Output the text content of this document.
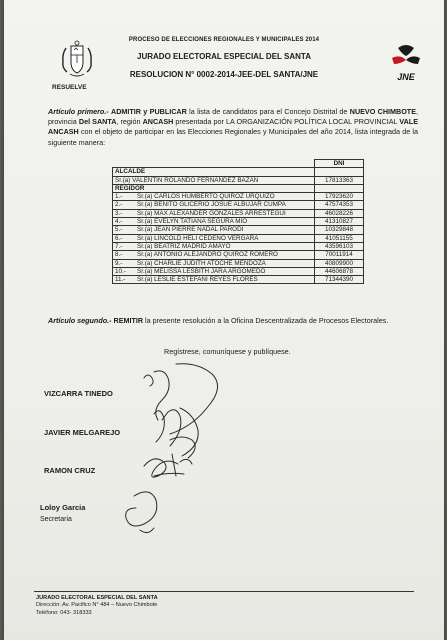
PROCESO DE ELECCIONES REGIONALES Y MUNICIPALES 2014
JURADO ELECTORAL ESPECIAL DEL SANTA
RESOLUCION N° 0002-2014-JEE-DEL SANTA/JNE	JNE
RESUELVE
Artículo primero.- ADMITIR y PUBLICAR la lista de candidatos para el Concejo Distrital de NUEVO CHIMBOTE, provincia Del SANTA, región ANCASH presentada por LA ORGANIZACIÓN POLÍTICA LOCAL PROVINCIAL VALE ANCASH con el objeto de participar en las Elecciones Regionales y Municipales del año 2014, lista integrada de la siguiente manera:
		DNI
ALCALDE		
Sr.(a) VALENTIN ROLANDO FERNANDEZ BAZAN		17813363
REGIDOR		
1.-	Sr.(a) CARLOS HUMBERTO QUIROZ URQUIZO	17923620
2.-	Sr.(a) BENITO GLICERIO JOSUE ALBUJAR CUMPA	47574353
3.-	Sr.(a) MAX ALEXANDER GONZALES ARRESTEGUI	46028226
4.-	Sr.(a) EVELYN TATIANA SEGURA MIO	41310827
5.-	Sr.(a) JEAN PIERRE NADAL PARODI	10329848
6.-	Sr.(a) LINCOLD HELI CEDEÑO VERGARA	41051155
7.-	Sr.(a) BEATRIZ MADRID AMAYO	43596103
8.-	Sr.(a) ANTONIO ALEJANDRO QUIROZ ROMERO	70011914
9.-	Sr.(a) CHARLIE JUDITH ATOCHE MENDOZA	40809900
10.-	Sr.(a) MELISSA LESBITH JARA ARGOMEDO	44606878
11.-	Sr.(a) LESLIE ESTEFANI REYES FLORES	71344390
Artículo segundo.- REMITIR la presente resolución a la Oficina Descentralizada de Procesos Electorales.
Regístrese, comuníquese y publíquese.
VIZCARRA TINEDO
JAVIER MELGAREJO
RAMON CRUZ
Loloy Garcia
Secretaria
JURADO ELECTORAL ESPECIAL DEL SANTA
Dirección: Av. Pacifico N° 484 – Nuevo Chimbote
Teléfono: 043- 318333
